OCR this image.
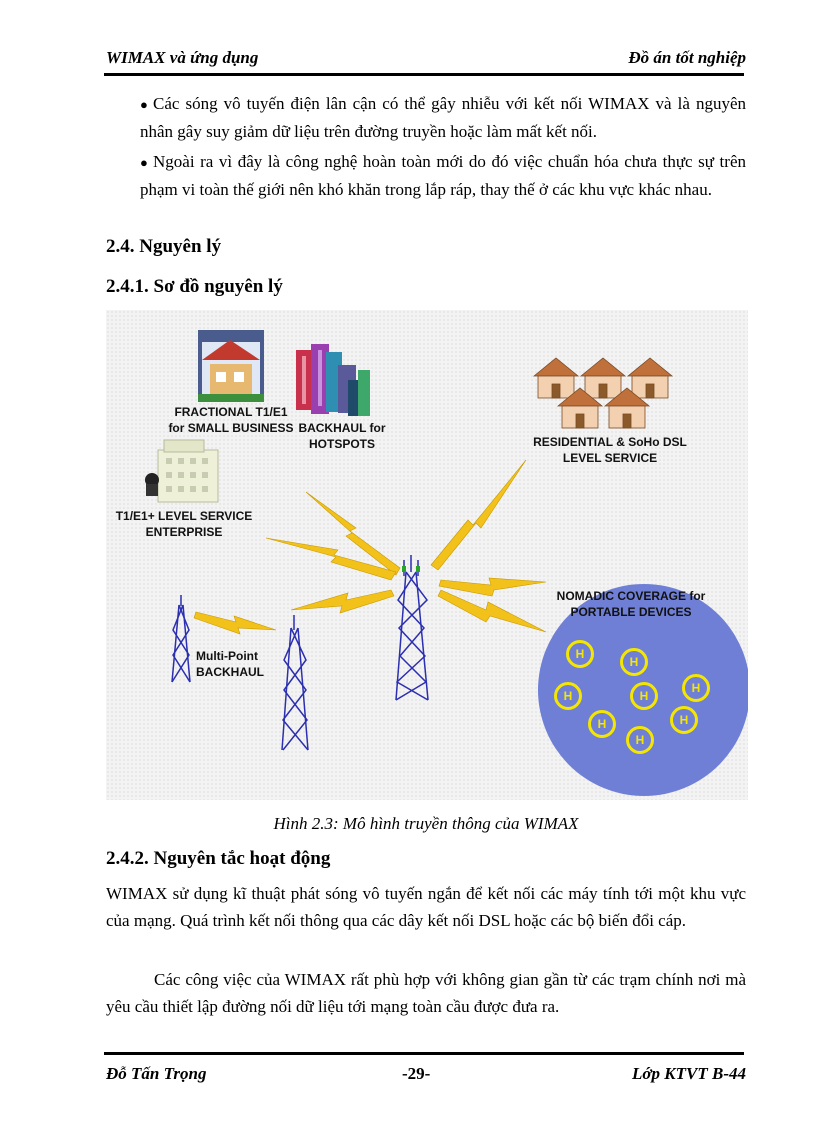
WIMAX và ứng dụng	Đồ án tốt nghiệp
● Các sóng vô tuyến điện lân cận có thể gây nhiễu với kết nối WIMAX và là nguyên nhân gây suy giảm dữ liệu trên đường truyền hoặc làm mất kết nối.
● Ngoài ra vì đây là công nghệ hoàn toàn mới do đó việc chuẩn hóa chưa thực sự trên phạm vi toàn thế giới nên khó khăn trong lắp ráp, thay thế ở các khu vực khác nhau.
2.4. Nguyên lý
2.4.1. Sơ đồ nguyên lý
H
H
H	H
H
H	H
H
FRACTIONAL T1/E1
for SMALL BUSINESS BACKHAUL for
HOTSPOTS	RESIDENTIAL & SoHo DSL
LEVEL SERVICE
T1/E1+ LEVEL SERVICE
ENTERPRISE
NOMADIC COVERAGE for
PORTABLE DEVICES
Multi-Point
BACKHAUL
Hình 2.3: Mô hình truyền thông của WIMAX
2.4.2. Nguyên tắc hoạt động
WIMAX sử dụng kĩ thuật phát sóng vô tuyến ngắn để kết nối các máy tính tới một khu vực của mạng. Quá trình kết nối thông qua các dây kết nối DSL hoặc các bộ biến đổi cáp.
Các công việc của WIMAX rất phù hợp với không gian gần từ các trạm chính nơi mà yêu cầu thiết lập đường nối dữ liệu tới mạng toàn cầu được đưa ra.
Đỗ Tấn Trọng	-29-	Lớp KTVT B-44
